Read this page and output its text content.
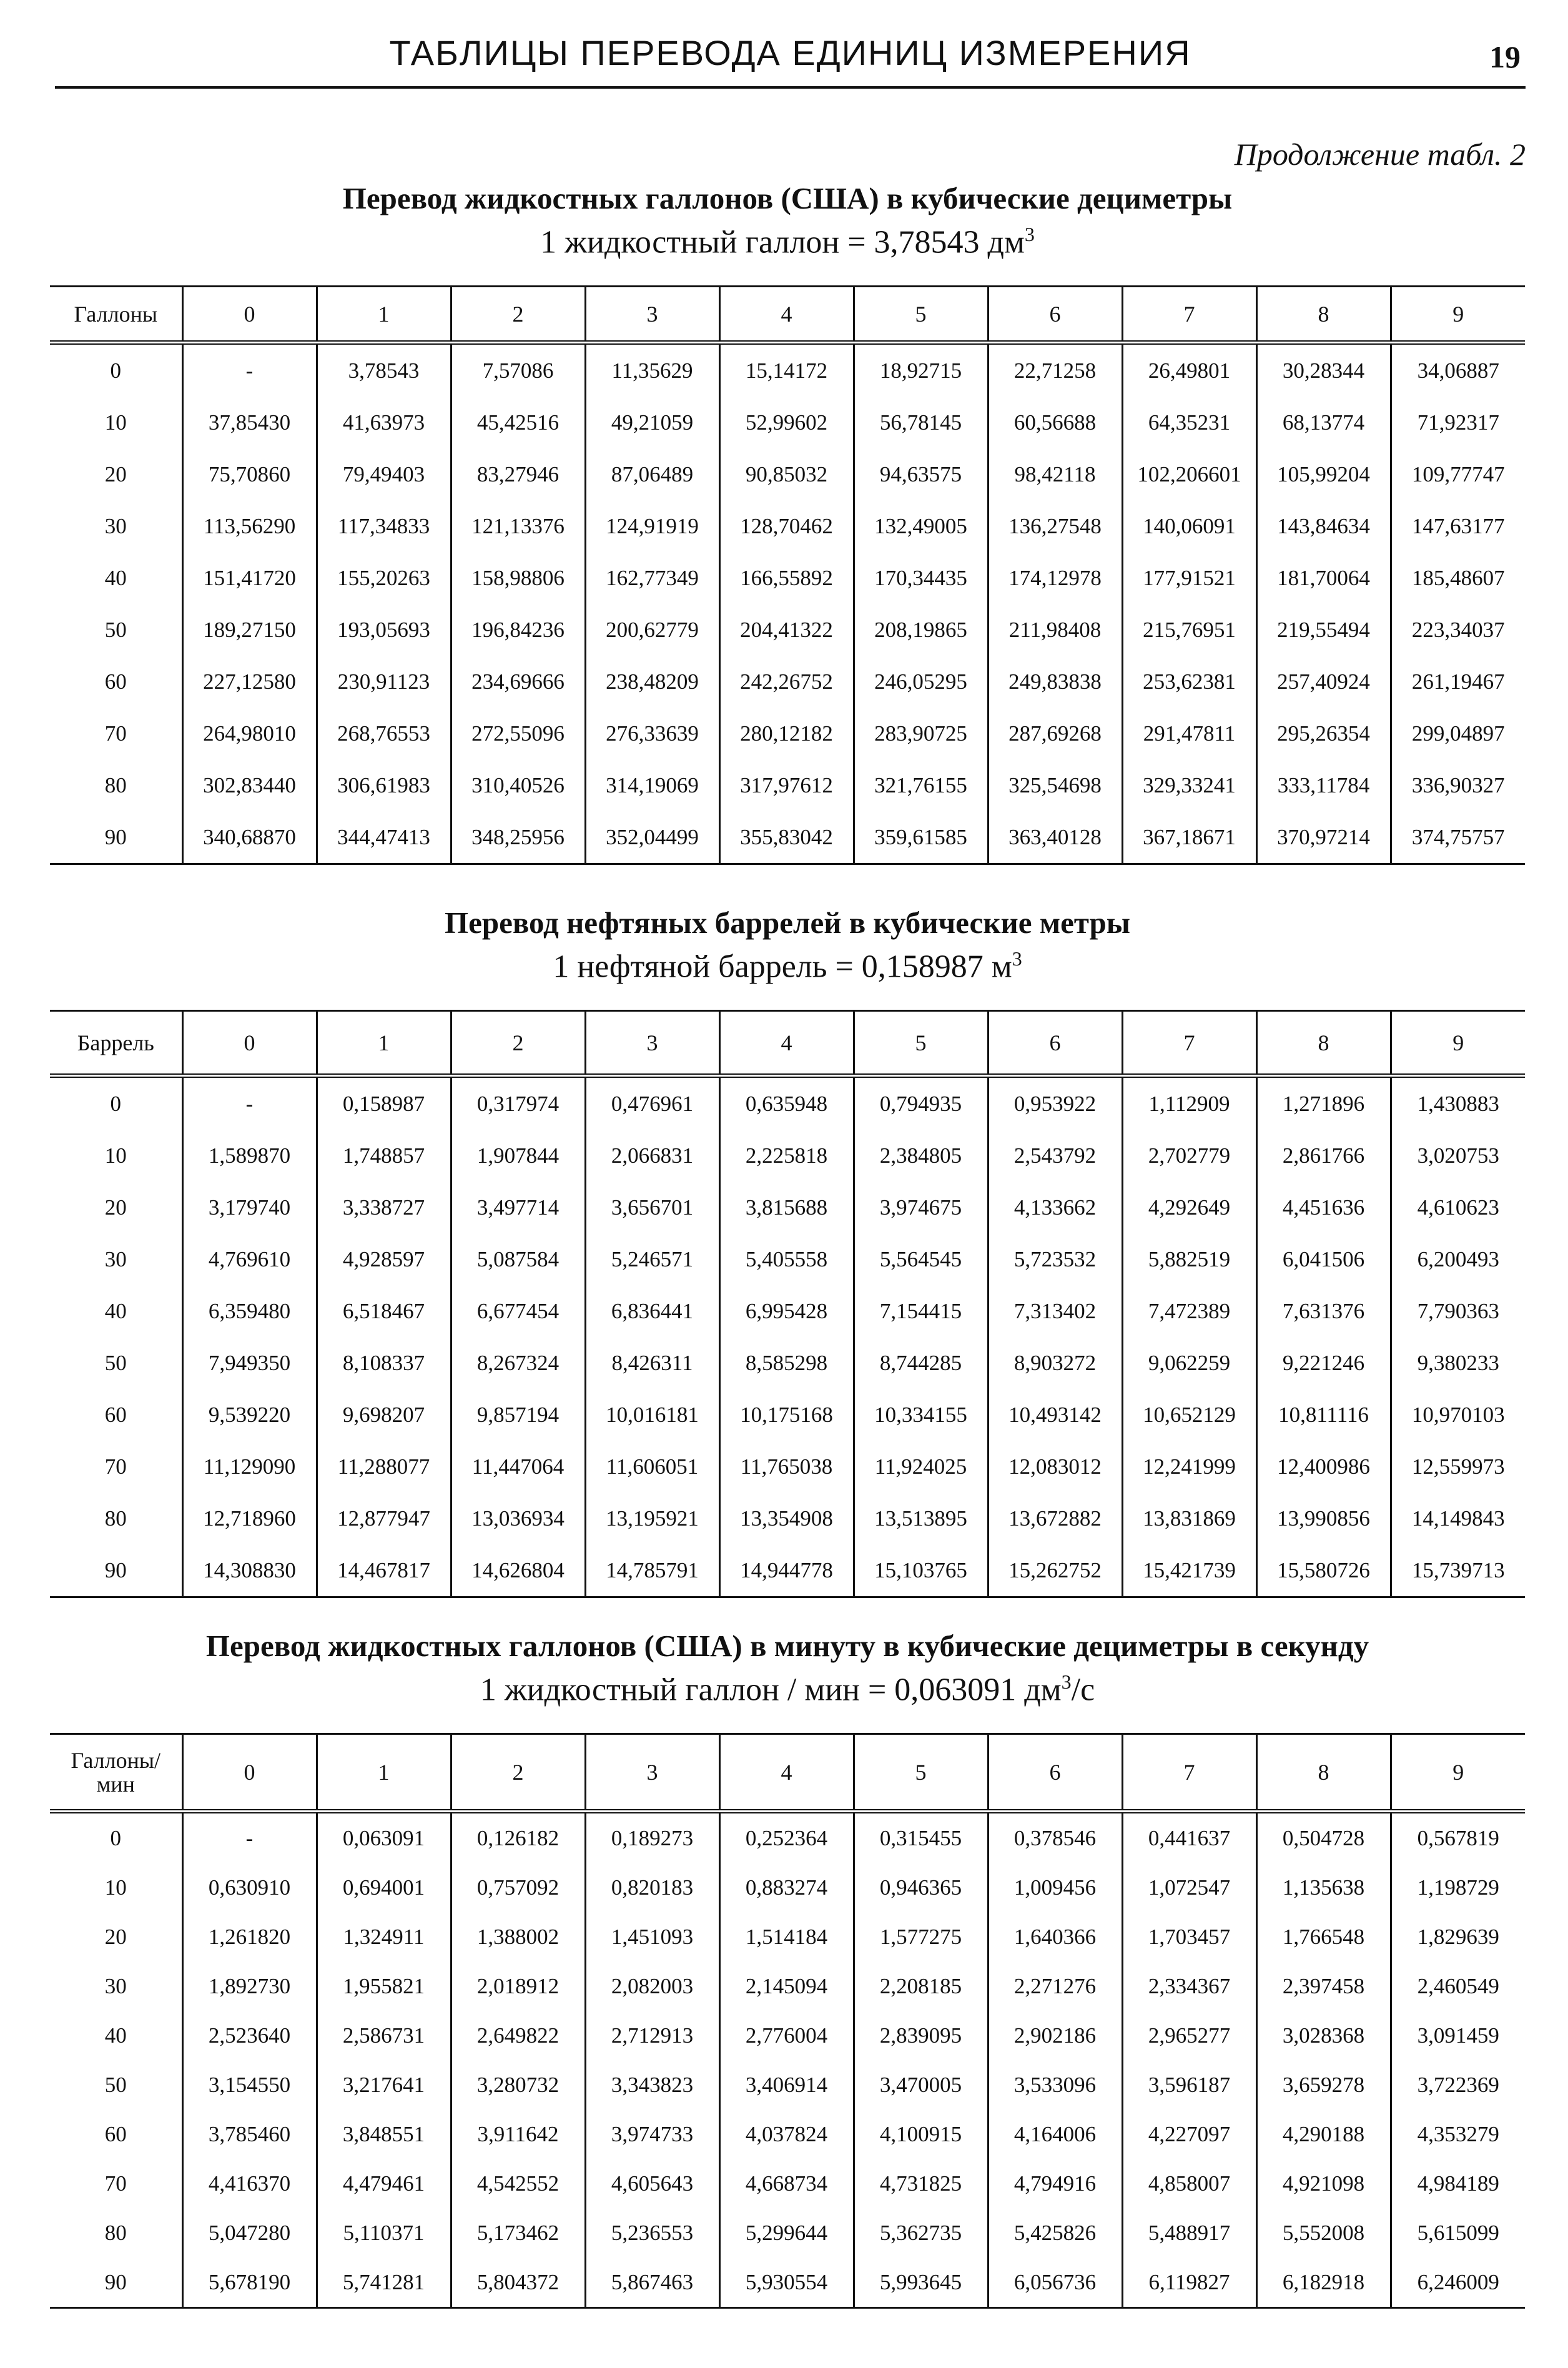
ТАБЛИЦЫ ПЕРЕВОДА ЕДИНИЦ ИЗМЕРЕНИЯ	19
Продолжение табл. 2
Перевод жидкостных галлонов (США) в кубические дециметры
1 жидкостный галлон = 3,78543 $дм^3$
Галлоны	0	1	2	3	4	5	6	7	8	9
0	-	3,78543	7,57086	11,35629	15,14172	18,92715	22,71258	26,49801	30,28344	34,06887
10	37,85430	41,63973	45,42516	49,21059	52,99602	56,78145	60,56688	64,35231	68,13774	71,92317
20	75,70860	79,49403	83,27946	87,06489	90,85032	94,63575	98,42118	102,206601	105,99204	109,77747
30	113,56290	117,34833	121,13376	124,91919	128,70462	132,49005	136,27548	140,06091	143,84634	147,63177
40	151,41720	155,20263	158,98806	162,77349	166,55892	170,34435	174,12978	177,91521	181,70064	185,48607
50	189,27150	193,05693	196,84236	200,62779	204,41322	208,19865	211,98408	215,76951	219,55494	223,34037
60	227,12580	230,91123	234,69666	238,48209	242,26752	246,05295	249,83838	253,62381	257,40924	261,19467
70	264,98010	268,76553	272,55096	276,33639	280,12182	283,90725	287,69268	291,47811	295,26354	299,04897
80	302,83440	306,61983	310,40526	314,19069	317,97612	321,76155	325,54698	329,33241	333,11784	336,90327
90	340,68870	344,47413	348,25956	352,04499	355,83042	359,61585	363,40128	367,18671	370,97214	374,75757
Перевод нефтяных баррелей в кубические метры
1 нефтяной баррель = 0,158987 $м^3$
Баррель	0	1	2	3	4	5	6	7	8	9
0	-	0,158987	0,317974	0,476961	0,635948	0,794935	0,953922	1,112909	1,271896	1,430883
10	1,589870	1,748857	1,907844	2,066831	2,225818	2,384805	2,543792	2,702779	2,861766	3,020753
20	3,179740	3,338727	3,497714	3,656701	3,815688	3,974675	4,133662	4,292649	4,451636	4,610623
30	4,769610	4,928597	5,087584	5,246571	5,405558	5,564545	5,723532	5,882519	6,041506	6,200493
40	6,359480	6,518467	6,677454	6,836441	6,995428	7,154415	7,313402	7,472389	7,631376	7,790363
50	7,949350	8,108337	8,267324	8,426311	8,585298	8,744285	8,903272	9,062259	9,221246	9,380233
60	9,539220	9,698207	9,857194	10,016181	10,175168	10,334155	10,493142	10,652129	10,811116	10,970103
70	11,129090	11,288077	11,447064	11,606051	11,765038	11,924025	12,083012	12,241999	12,400986	12,559973
80	12,718960	12,877947	13,036934	13,195921	13,354908	13,513895	13,672882	13,831869	13,990856	14,149843
90	14,308830	14,467817	14,626804	14,785791	14,944778	15,103765	15,262752	15,421739	15,580726	15,739713
Перевод жидкостных галлонов (США) в минуту в кубические дециметры в секунду
1 жидкостный галлон / мин = 0,063091 $дм^3/с$
Галлоны/ мин	0	1	2	3	4	5	6	7	8	9
0	-	0,063091	0,126182	0,189273	0,252364	0,315455	0,378546	0,441637	0,504728	0,567819
10	0,630910	0,694001	0,757092	0,820183	0,883274	0,946365	1,009456	1,072547	1,135638	1,198729
20	1,261820	1,324911	1,388002	1,451093	1,514184	1,577275	1,640366	1,703457	1,766548	1,829639
30	1,892730	1,955821	2,018912	2,082003	2,145094	2,208185	2,271276	2,334367	2,397458	2,460549
40	2,523640	2,586731	2,649822	2,712913	2,776004	2,839095	2,902186	2,965277	3,028368	3,091459
50	3,154550	3,217641	3,280732	3,343823	3,406914	3,470005	3,533096	3,596187	3,659278	3,722369
60	3,785460	3,848551	3,911642	3,974733	4,037824	4,100915	4,164006	4,227097	4,290188	4,353279
70	4,416370	4,479461	4,542552	4,605643	4,668734	4,731825	4,794916	4,858007	4,921098	4,984189
80	5,047280	5,110371	5,173462	5,236553	5,299644	5,362735	5,425826	5,488917	5,552008	5,615099
90	5,678190	5,741281	5,804372	5,867463	5,930554	5,993645	6,056736	6,119827	6,182918	6,246009
